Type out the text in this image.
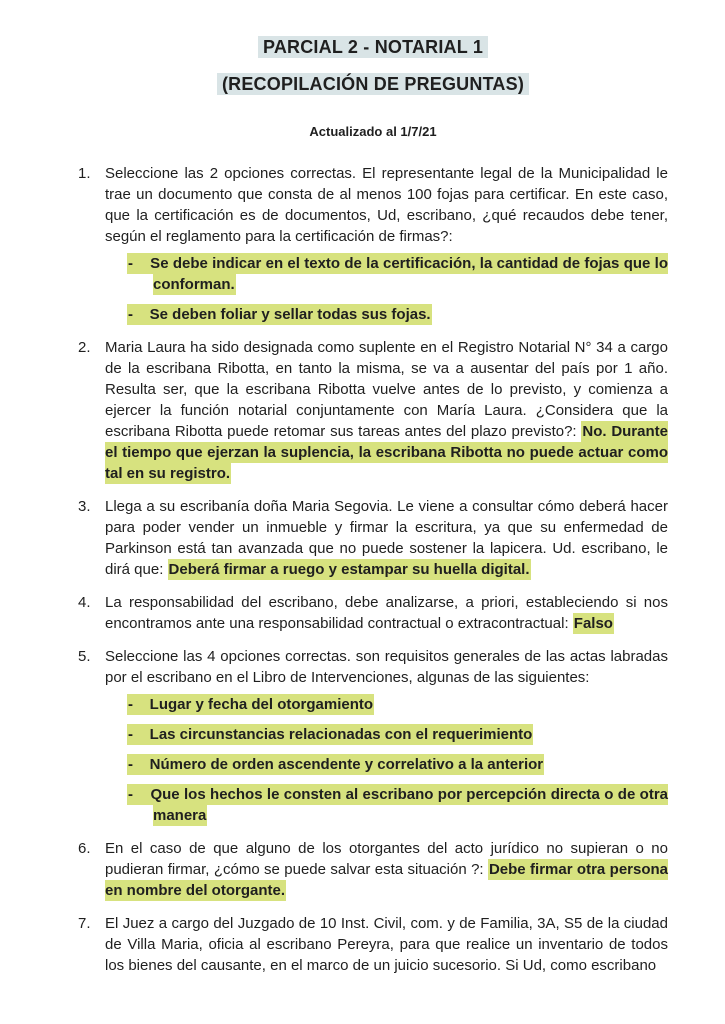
PARCIAL 2 - NOTARIAL 1

(RECOPILACIÓN DE PREGUNTAS)

Actualizado al 1/7/21
1. Seleccione las 2 opciones correctas. El representante legal de la Municipalidad le trae un documento que consta de al menos 100 fojas para certificar. En este caso, que la certificación es de documentos, Ud, escribano, ¿qué recaudos debe tener, según el reglamento para la certificación de firmas?:

-    Se debe indicar en el texto de la certificación, la cantidad de fojas que lo conforman.

-    Se deben foliar y sellar todas sus fojas.

2. Maria Laura ha sido designada como suplente en el Registro Notarial N° 34 a cargo de la escribana Ribotta, en tanto la misma, se va a ausentar del país por 1 año. Resulta ser, que la escribana Ribotta vuelve antes de lo previsto, y comienza a ejercer la función notarial conjuntamente con María Laura. ¿Considera que la escribana Ribotta puede retomar sus tareas antes del plazo previsto?: No. Durante el tiempo que ejerzan la suplencia, la escribana Ribotta no puede actuar como tal en su registro.

3. Llega a su escribanía doña Maria Segovia. Le viene a consultar cómo deberá hacer para poder vender un inmueble y firmar la escritura, ya que su enfermedad de Parkinson está tan avanzada que no puede sostener la lapicera. Ud. escribano, le dirá que: Deberá firmar a ruego y estampar su huella digital.

4. La responsabilidad del escribano, debe analizarse, a priori, estableciendo si nos encontramos ante una responsabilidad contractual o extracontractual: Falso

5. Seleccione las 4 opciones correctas. son requisitos generales de las actas labradas por el escribano en el Libro de Intervenciones, algunas de las siguientes:

-    Lugar y fecha del otorgamiento

-    Las circunstancias relacionadas con el requerimiento

-    Número de orden ascendente y correlativo a la anterior

-    Que los hechos le consten al escribano por percepción directa o de otra manera

6. En el caso de que alguno de los otorgantes del acto jurídico no supieran o no pudieran firmar, ¿cómo se puede salvar esta situación ?: Debe firmar otra persona en nombre del otorgante.

7. El Juez a cargo del Juzgado de 10 Inst. Civil, com. y de Familia, 3A, S5 de la ciudad de Villa Maria, oficia al escribano Pereyra, para que realice un inventario de todos los bienes del causante, en el marco de un juicio sucesorio. Si Ud, como escribano
